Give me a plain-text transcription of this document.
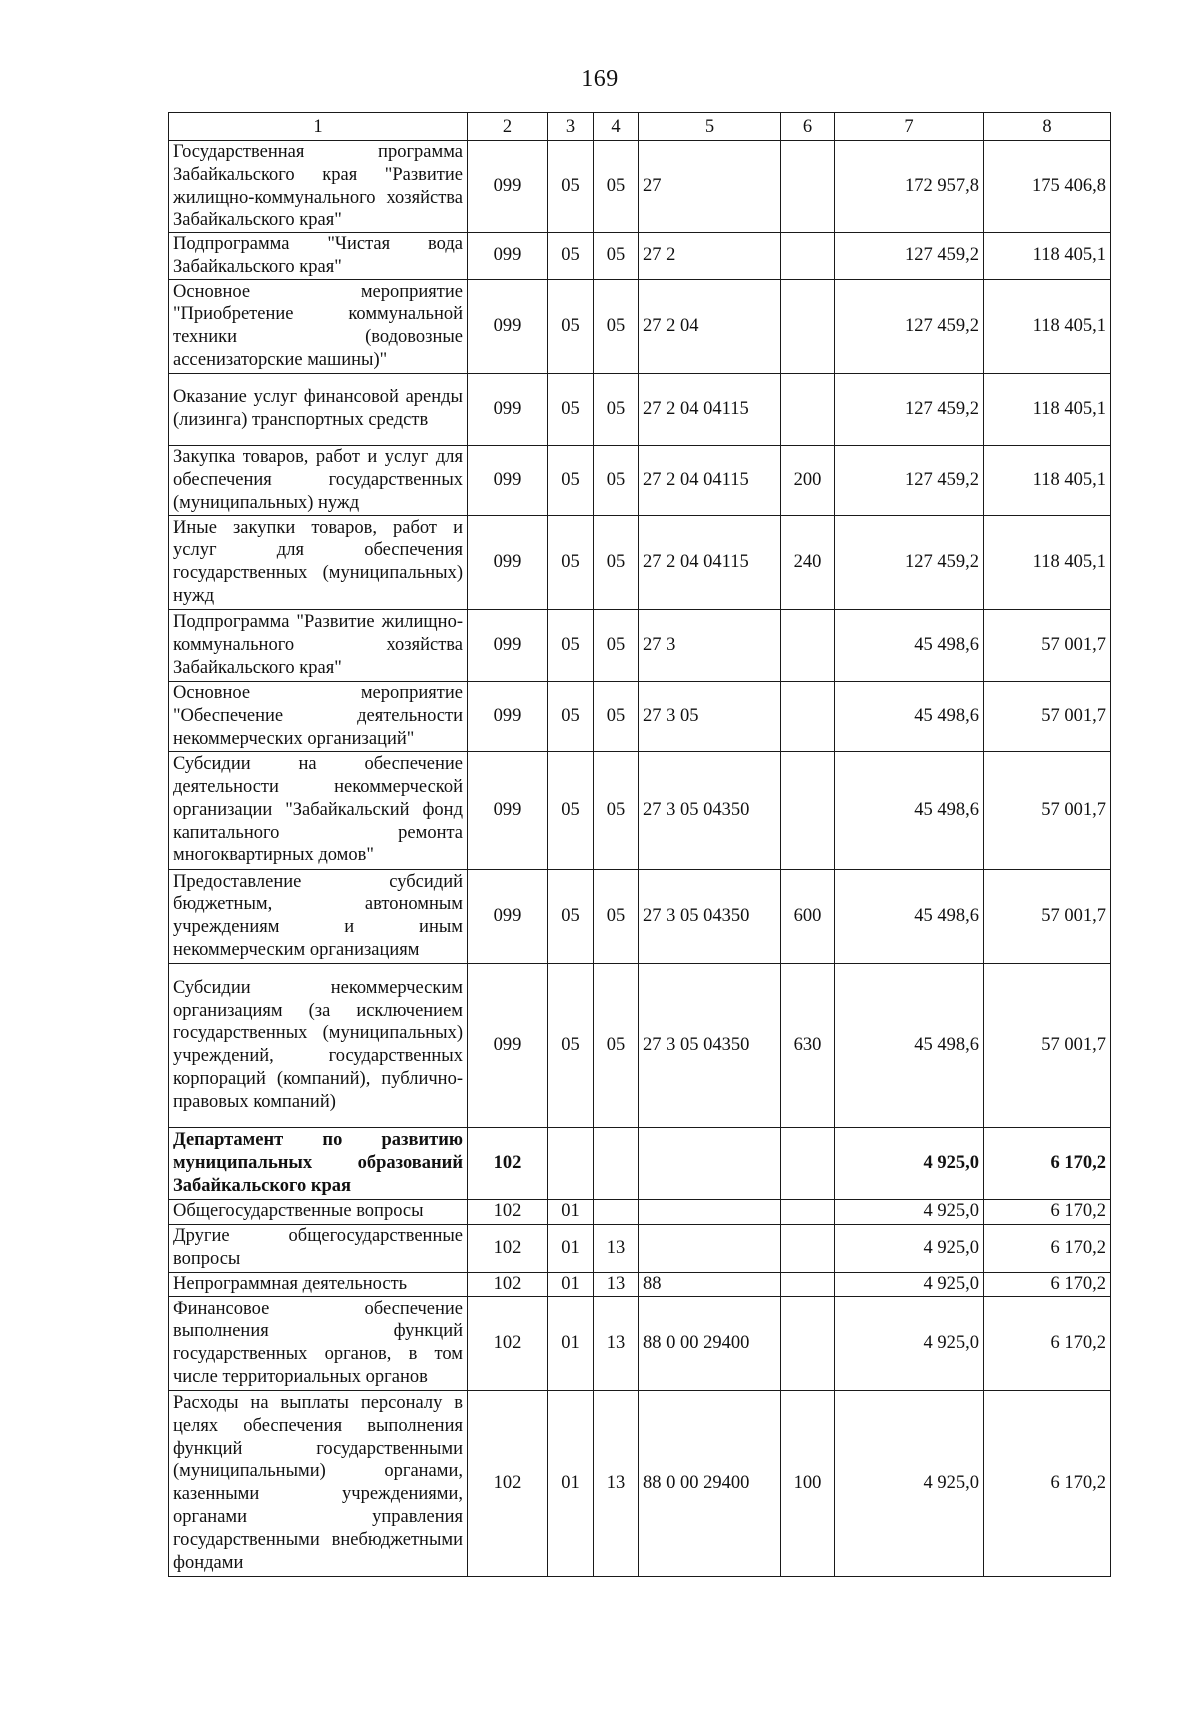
169
1	2	3	4	5	6	7	8
Государственная программа Забайкальского края "Развитие жилищно-коммунального хозяйства Забайкальского края"	099	05	05	27		172 957,8	175 406,8
Подпрограмма "Чистая вода Забайкальского края"	099	05	05	27 2		127 459,2	118 405,1
Основное мероприятие "Приобретение коммунальной техники (водовозные ассенизаторские машины)"	099	05	05	27 2 04		127 459,2	118 405,1
Оказание услуг финансовой аренды (лизинга) транспортных средств	099	05	05	27 2 04 04115		127 459,2	118 405,1
Закупка товаров, работ и услуг для обеспечения государственных (муниципальных) нужд	099	05	05	27 2 04 04115	200	127 459,2	118 405,1
Иные закупки товаров, работ и услуг для обеспечения государственных (муниципальных) нужд	099	05	05	27 2 04 04115	240	127 459,2	118 405,1
Подпрограмма "Развитие жилищно-коммунального хозяйства Забайкальского края"	099	05	05	27 3		45 498,6	57 001,7
Основное мероприятие "Обеспечение деятельности некоммерческих организаций"	099	05	05	27 3 05		45 498,6	57 001,7
Субсидии на обеспечение деятельности некоммерческой организации "Забайкальский фонд капитального ремонта многоквартирных домов"	099	05	05	27 3 05 04350		45 498,6	57 001,7
Предоставление субсидий бюджетным, автономным учреждениям и иным некоммерческим организациям	099	05	05	27 3 05 04350	600	45 498,6	57 001,7
Субсидии некоммерческим организациям (за исключением государственных (муниципальных) учреждений, государственных корпораций (компаний), публично-правовых компаний)	099	05	05	27 3 05 04350	630	45 498,6	57 001,7
Департамент по развитию муниципальных образований Забайкальского края	102					4 925,0	6 170,2
Общегосударственные вопросы	102	01				4 925,0	6 170,2
Другие общегосударственные вопросы	102	01	13			4 925,0	6 170,2
Непрограммная деятельность	102	01	13	88		4 925,0	6 170,2
Финансовое обеспечение выполнения функций государственных органов, в том числе территориальных органов	102	01	13	88 0 00 29400		4 925,0	6 170,2
Расходы на выплаты персоналу в целях обеспечения выполнения функций государственными (муниципальными) органами, казенными учреждениями, органами управления государственными внебюджетными фондами	102	01	13	88 0 00 29400	100	4 925,0	6 170,2
